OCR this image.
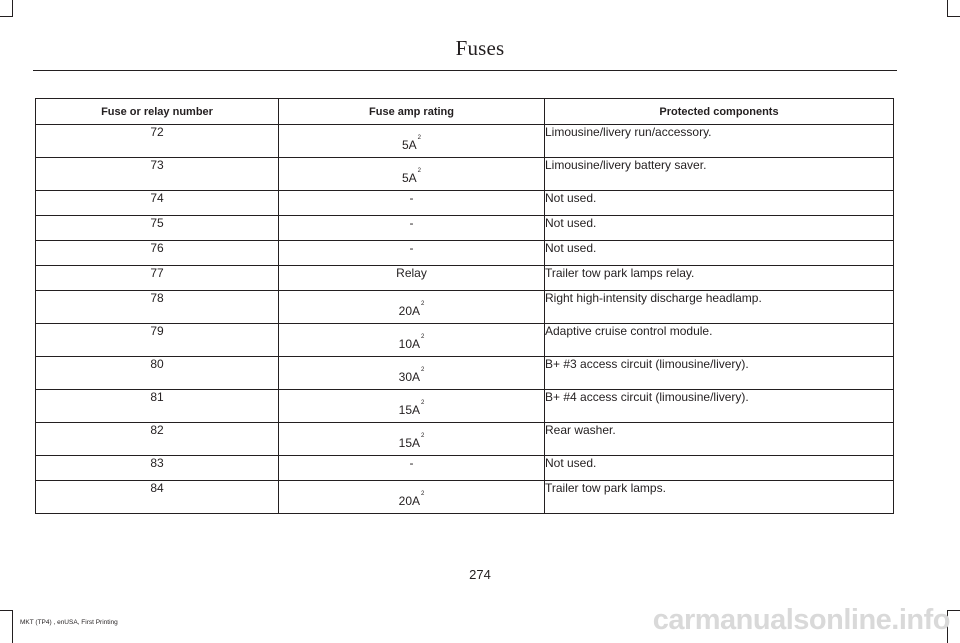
Fuses
Fuse or relay number	Fuse amp rating	Protected components
72	5A$^2$	Limousine/livery run/accessory.
73	5A$^2$	Limousine/livery battery saver.
74	-	Not used.
75	-	Not used.
76	-	Not used.
77	Relay	Trailer tow park lamps relay.
78	20A$^2$	Right high-intensity discharge headlamp.
79	10A$^2$	Adaptive cruise control module.
80	30A$^2$	B+ #3 access circuit (limousine/livery).
81	15A$^2$	B+ #4 access circuit (limousine/livery).
82	15A$^2$	Rear washer.
83	-	Not used.
84	20A$^2$	Trailer tow park lamps.
274
MKT (TP4) , enUSA, First Printing	carmanualsonline.info
